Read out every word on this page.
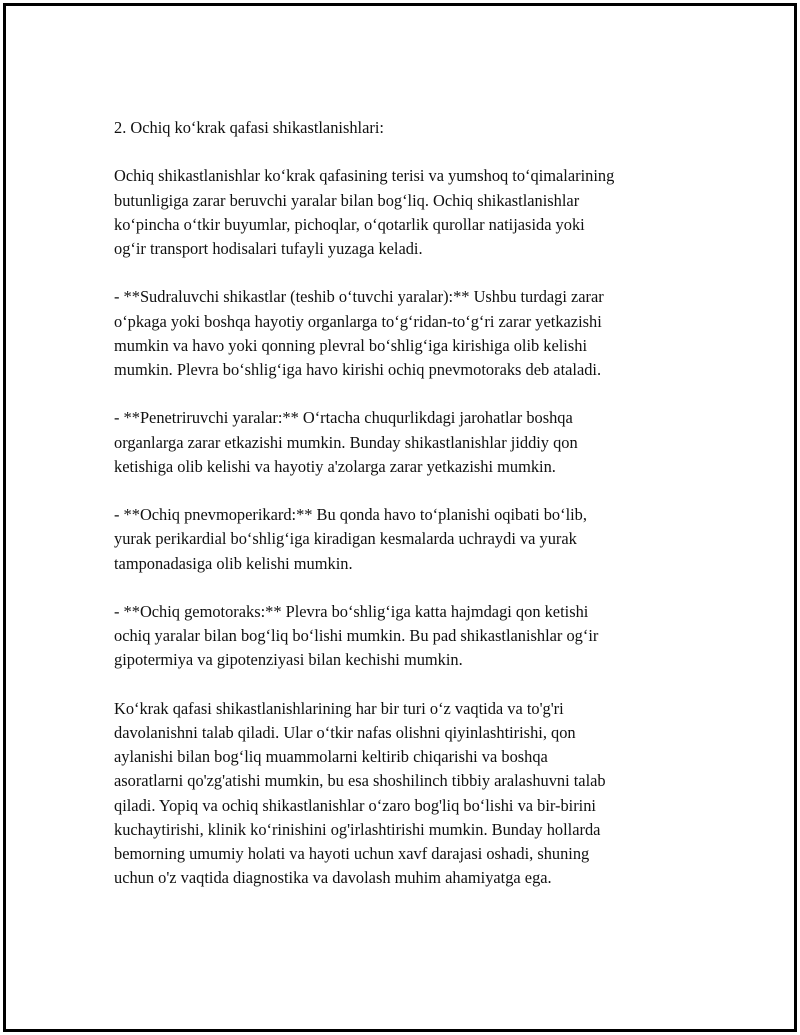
2. Ochiq ko‘krak qafasi shikastlanishlari:

Ochiq shikastlanishlar ko‘krak qafasining terisi va yumshoq to‘qimalarining
butunligiga zarar beruvchi yaralar bilan bog‘liq. Ochiq shikastlanishlar
ko‘pincha o‘tkir buyumlar, pichoqlar, o‘qotarlik qurollar natijasida yoki
og‘ir transport hodisalari tufayli yuzaga keladi.

- **Sudraluvchi shikastlar (teshib o‘tuvchi yaralar):** Ushbu turdagi zarar
o‘pkaga yoki boshqa hayotiy organlarga to‘g‘ridan-to‘g‘ri zarar yetkazishi
mumkin va havo yoki qonning plevral bo‘shlig‘iga kirishiga olib kelishi
mumkin. Plevra bo‘shlig‘iga havo kirishi ochiq pnevmotoraks deb ataladi.

- **Penetriruvchi yaralar:** O‘rtacha chuqurlikdagi jarohatlar boshqa
organlarga zarar etkazishi mumkin. Bunday shikastlanishlar jiddiy qon
ketishiga olib kelishi va hayotiy a'zolarga zarar yetkazishi mumkin.

- **Ochiq pnevmoperikard:** Bu qonda havo to‘planishi oqibati bo‘lib,
yurak perikardial bo‘shlig‘iga kiradigan kesmalarda uchraydi va yurak
tamponadasiga olib kelishi mumkin.

- **Ochiq gemotoraks:** Plevra bo‘shlig‘iga katta hajmdagi qon ketishi
ochiq yaralar bilan bog‘liq bo‘lishi mumkin. Bu pad shikastlanishlar og‘ir
gipotermiya va gipotenziyasi bilan kechishi mumkin.

Ko‘krak qafasi shikastlanishlarining har bir turi o‘z vaqtida va to'g'ri
davolanishni talab qiladi. Ular o‘tkir nafas olishni qiyinlashtirishi, qon
aylanishi bilan bog‘liq muammolarni keltirib chiqarishi va boshqa
asoratlarni qo'zg'atishi mumkin, bu esa shoshilinch tibbiy aralashuvni talab
qiladi. Yopiq va ochiq shikastlanishlar o‘zaro bog'liq bo‘lishi va bir-birini
kuchaytirishi, klinik ko‘rinishini og'irlashtirishi mumkin. Bunday hollarda
bemorning umumiy holati va hayoti uchun xavf darajasi oshadi, shuning
uchun o'z vaqtida diagnostika va davolash muhim ahamiyatga ega.
